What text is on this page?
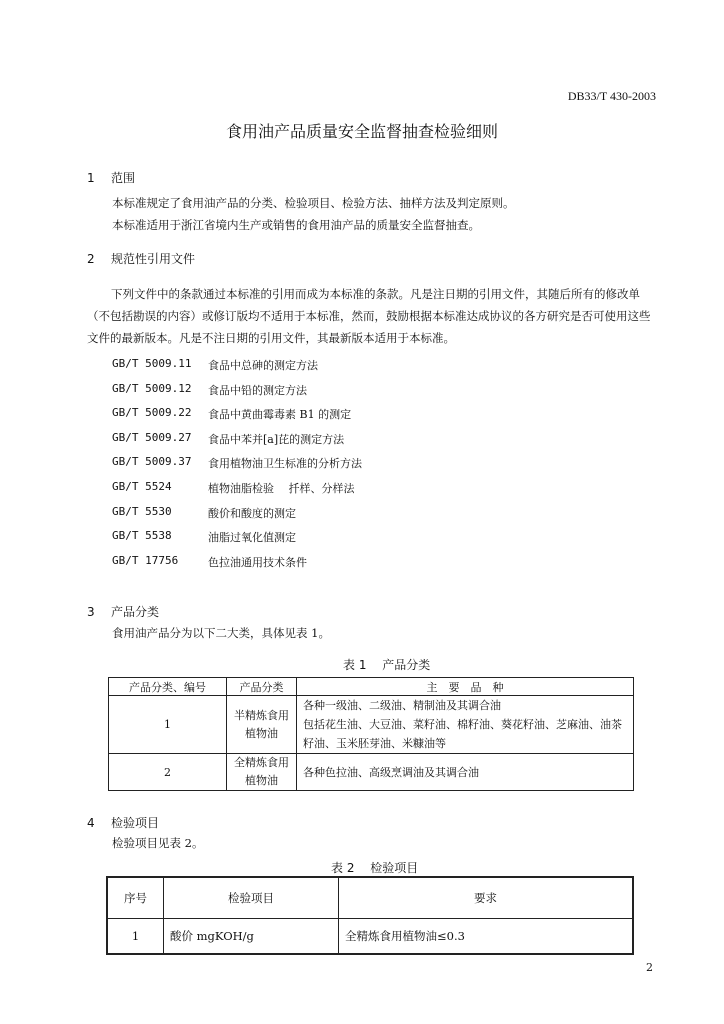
DB33/T 430-2003
食用油产品质量安全监督抽查检验细则
1 范围
本标准规定了食用油产品的分类、检验项目、检验方法、抽样方法及判定原则。
本标准适用于浙江省境内生产或销售的食用油产品的质量安全监督抽查。
2 规范性引用文件
下列文件中的条款通过本标准的引用而成为本标准的条款。凡是注日期的引用文件，其随后所有的修改单（不包括勘误的内容）或修订版均不适用于本标准，然而，鼓励根据本标准达成协议的各方研究是否可使用这些文件的最新版本。凡是不注日期的引用文件，其最新版本适用于本标准。
GB/T 5009.11 食品中总砷的测定方法
GB/T 5009.12 食品中铅的测定方法
GB/T 5009.22 食品中黄曲霉毒素 B1 的测定
GB/T 5009.27 食品中苯并[a]芘的测定方法
GB/T 5009.37 食用植物油卫生标准的分析方法
GB/T 5524	植物油脂检验　 扦样、分样法
GB/T 5530	酸价和酸度的测定
GB/T 5538	油脂过氧化值测定
GB/T 17756	色拉油通用技术条件
3 产品分类
食用油产品分为以下二大类，具体见表 1。
表 1　 产品分类
产品分类、编号	产品分类	主　要　品　种
1	半精炼食用植物油	各种一级油、二级油、精制油及其调合油
包括花生油、大豆油、菜籽油、棉籽油、葵花籽油、芝麻油、油茶籽油、玉米胚芽油、米糠油等

2	全精炼食用植物油	各种色拉油、高级烹调油及其调合油
4 检验项目
检验项目见表 2。
表 2　 检验项目
序号	检验项目	要求
1	酸价 mgKOH/g	全精炼食用植物油≤0.3
2
